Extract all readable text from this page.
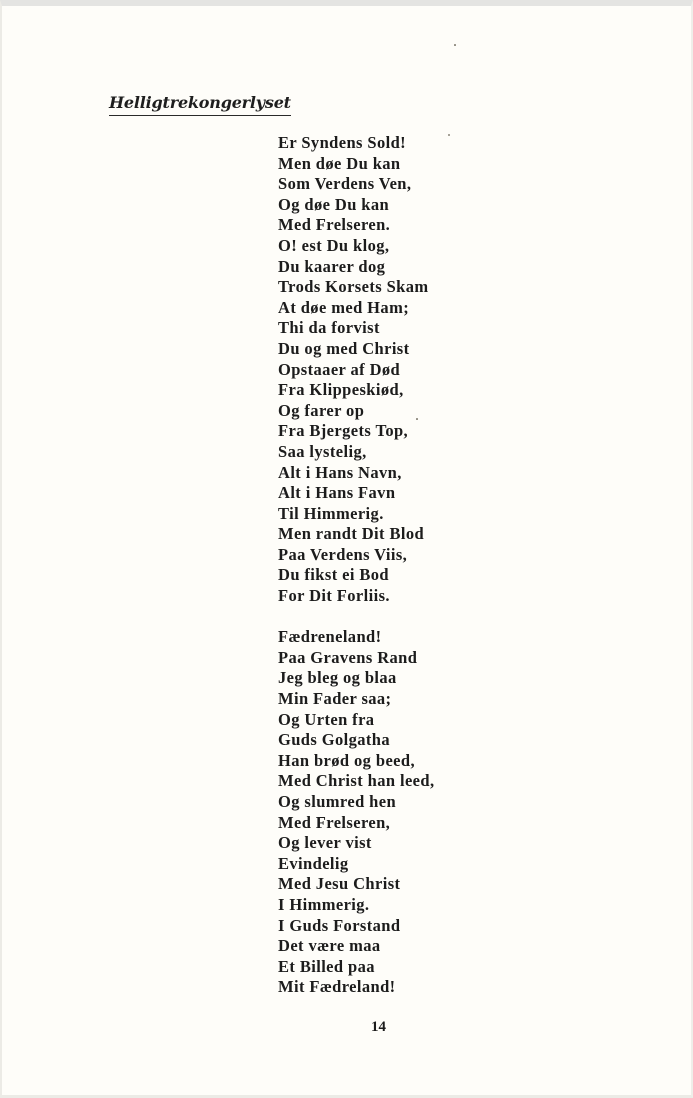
Helligtrekongerlyset
Er Syndens Sold!
Men døe Du kan
Som Verdens Ven,
Og døe Du kan
Med Frelseren.
O! est Du klog,
Du kaarer dog
Trods Korsets Skam
At døe med Ham;
Thi da forvist
Du og med Christ
Opstaaer af Død
Fra Klippeskiød,
Og farer op
Fra Bjergets Top,
Saa lystelig,
Alt i Hans Navn,
Alt i Hans Favn
Til Himmerig.
Men randt Dit Blod
Paa Verdens Viis,
Du fikst ei Bod
For Dit Forliis.
Fædreneland!
Paa Gravens Rand
Jeg bleg og blaa
Min Fader saa;
Og Urten fra
Guds Golgatha
Han brød og beed,
Med Christ han leed,
Og slumred hen
Med Frelseren,
Og lever vist
Evindelig
Med Jesu Christ
I Himmerig.
I Guds Forstand
Det være maa
Et Billed paa
Mit Fædreland!
14
